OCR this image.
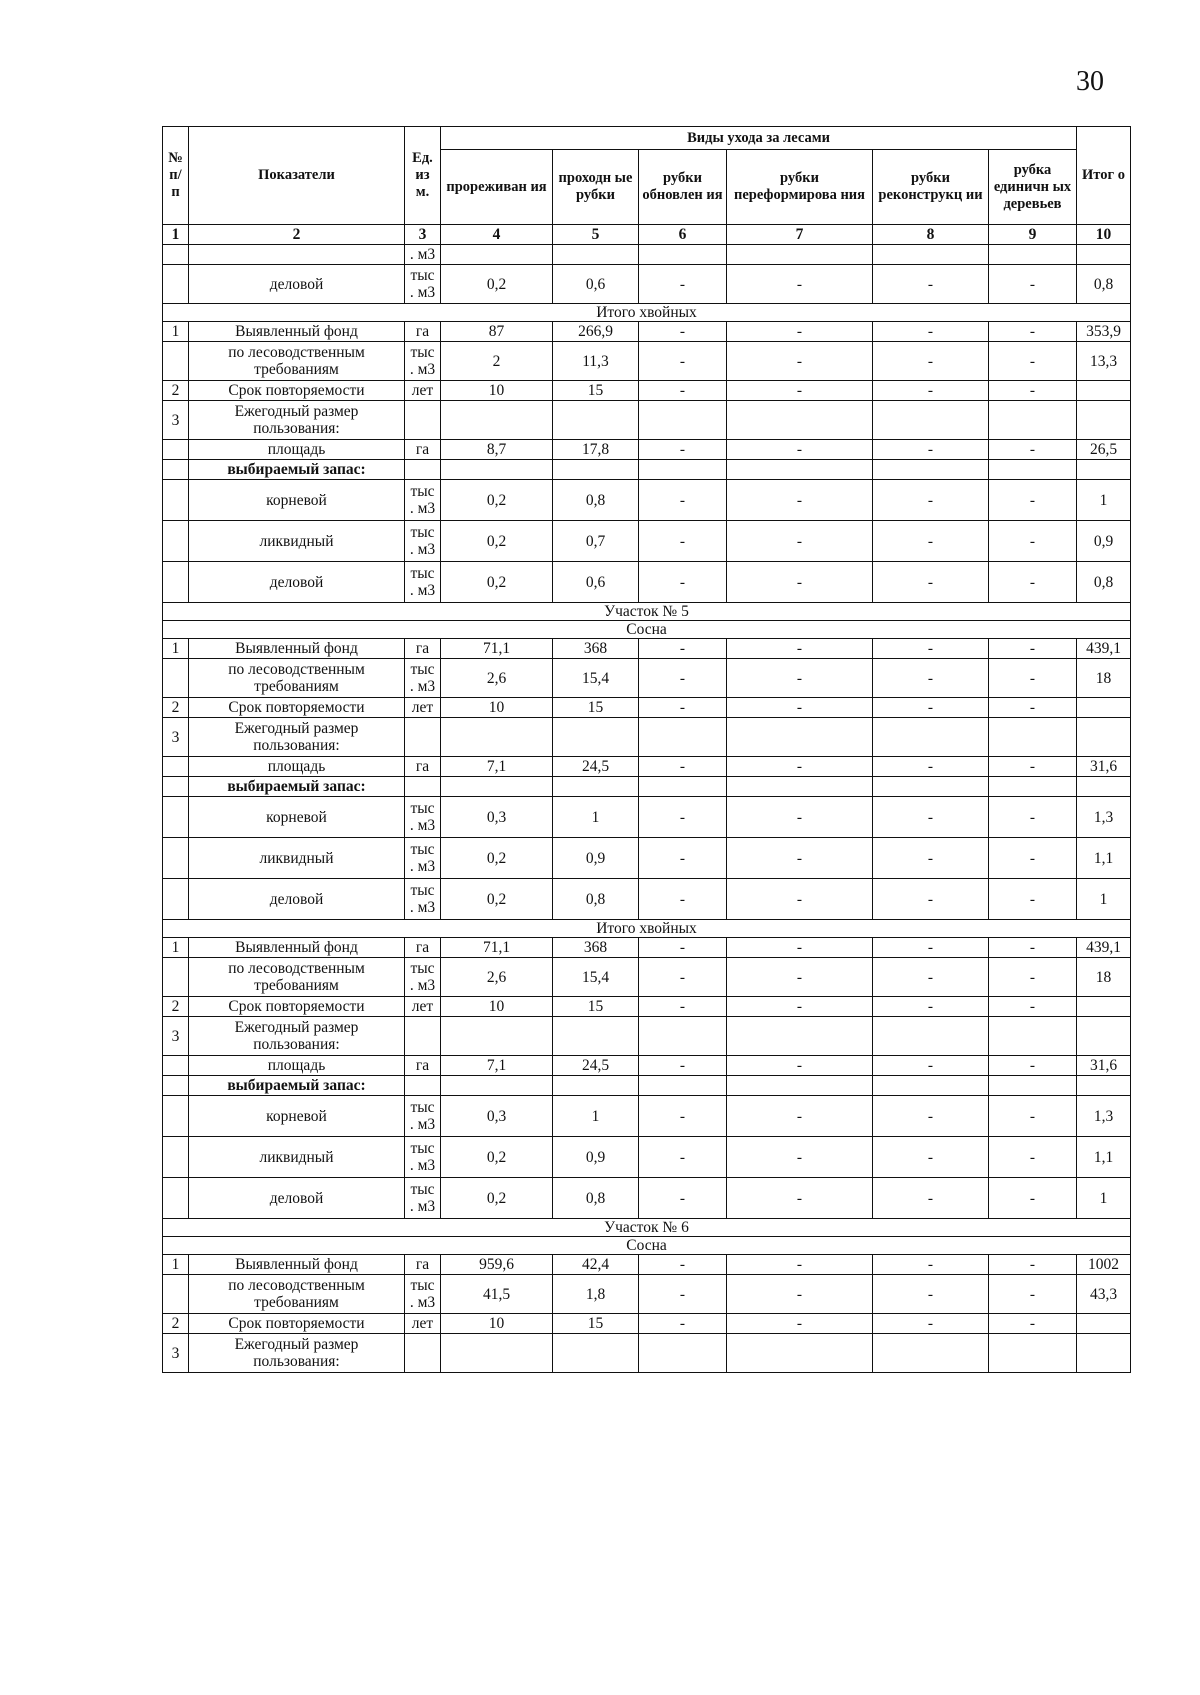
30
№ п/ п	Показатели	Ед. из м.	Виды ухода за лесами						Итог о
			прореживан ия	проходн ые рубки	рубки обновлен ия	рубки переформирова ния	рубки реконструкц ии	рубка единичн ых деревьев	
1	2	3	4	5	6	7	8	9	10
		. м3							
	деловой	тыс . м3	0,2	0,6	-	-	-	-	0,8
Итого хвойных									
1	Выявленный фонд	га	87	266,9	-	-	-	-	353,9
	по лесоводственным требованиям	тыс . м3	2	11,3	-	-	-	-	13,3
2	Срок повторяемости	лет	10	15	-	-	-	-	
3	Ежегодный размер пользования:								
	площадь	га	8,7	17,8	-	-	-	-	26,5
	выбираемый запас:								
	корневой	тыс . м3	0,2	0,8	-	-	-	-	1
	ликвидный	тыс . м3	0,2	0,7	-	-	-	-	0,9
	деловой	тыс . м3	0,2	0,6	-	-	-	-	0,8
Участок № 5									
Сосна									
1	Выявленный фонд	га	71,1	368	-	-	-	-	439,1
	по лесоводственным требованиям	тыс . м3	2,6	15,4	-	-	-	-	18
2	Срок повторяемости	лет	10	15	-	-	-	-	
3	Ежегодный размер пользования:								
	площадь	га	7,1	24,5	-	-	-	-	31,6
	выбираемый запас:								
	корневой	тыс . м3	0,3	1	-	-	-	-	1,3
	ликвидный	тыс . м3	0,2	0,9	-	-	-	-	1,1
	деловой	тыс . м3	0,2	0,8	-	-	-	-	1
Итого хвойных									
1	Выявленный фонд	га	71,1	368	-	-	-	-	439,1
	по лесоводственным требованиям	тыс . м3	2,6	15,4	-	-	-	-	18
2	Срок повторяемости	лет	10	15	-	-	-	-	
3	Ежегодный размер пользования:								
	площадь	га	7,1	24,5	-	-	-	-	31,6
	выбираемый запас:								
	корневой	тыс . м3	0,3	1	-	-	-	-	1,3
	ликвидный	тыс . м3	0,2	0,9	-	-	-	-	1,1
	деловой	тыс . м3	0,2	0,8	-	-	-	-	1
Участок № 6									
Сосна									
1	Выявленный фонд	га	959,6	42,4	-	-	-	-	1002
	по лесоводственным требованиям	тыс . м3	41,5	1,8	-	-	-	-	43,3
2	Срок повторяемости	лет	10	15	-	-	-	-	
3	Ежегодный размер пользования:								
